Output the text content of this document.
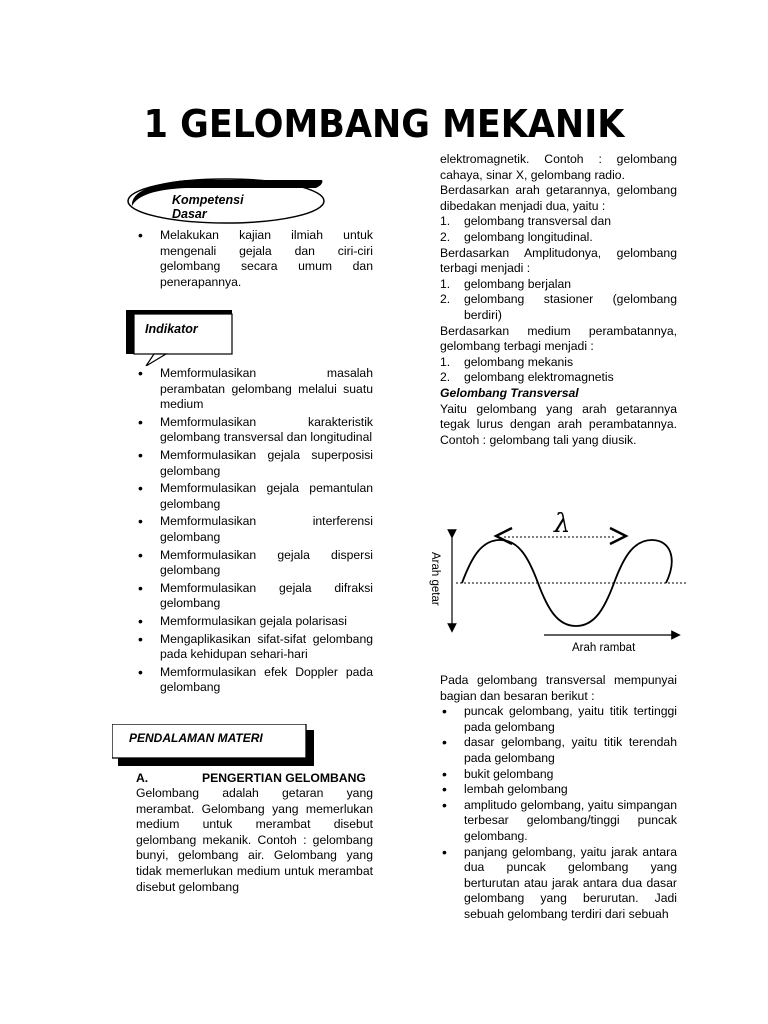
1 GELOMBANG MEKANIK
Kompetensi Dasar
• Melakukan kajian ilmiah untuk mengenali gejala dan ciri-ciri gelombang secara umum dan penerapannya.
Indikator
• Memformulasikan masalah perambatan gelombang melalui suatu medium
• Memformulasikan karakteristik gelombang transversal dan longitudinal
• Memformulasikan gejala superposisi gelombang
• Memformulasikan gejala pemantulan gelombang
• Memformulasikan interferensi gelombang
• Memformulasikan gejala dispersi gelombang
• Memformulasikan gejala difraksi gelombang
• Memformulasikan gejala polarisasi
• Mengaplikasikan sifat-sifat gelombang pada kehidupan sehari-hari
• Memformulasikan efek Doppler pada gelombang
PENDALAMAN MATERI
A.	PENGERTIAN GELOMBANG
Gelombang adalah getaran yang merambat. Gelombang yang memerlukan medium untuk merambat disebut gelombang mekanik. Contoh : gelombang bunyi, gelombang air. Gelombang yang tidak memerlukan medium untuk merambat disebut gelombang

elektromagnetik. Contoh : gelombang cahaya, sinar X, gelombang radio.

Berdasarkan arah getarannya, gelombang dibedakan menjadi dua, yaitu :

1. gelombang transversal dan
2. gelombang longitudinal.

Berdasarkan Amplitudonya, gelombang terbagi menjadi :

1. gelombang berjalan
2. gelombang stasioner (gelombang berdiri)

Berdasarkan medium perambatannya, gelombang terbagi menjadi :

1. gelombang mekanis
2. gelombang elektromagnetis

Gelombang Transversal

Yaitu gelombang yang arah getarannya tegak lurus dengan arah perambatannya. Contoh : gelombang tali yang diusik.

λ
Arah getar
Arah rambat

Pada gelombang transversal mempunyai bagian dan besaran berikut :

• puncak gelombang, yaitu titik tertinggi pada gelombang
• dasar gelombang, yaitu titik terendah pada gelombang
• bukit gelombang
• lembah gelombang
• amplitudo gelombang, yaitu simpangan terbesar gelombang/tinggi puncak gelombang.
• panjang gelombang, yaitu jarak antara dua puncak gelombang yang berturutan atau jarak antara dua dasar gelombang yang berurutan. Jadi sebuah gelombang terdiri dari sebuah
